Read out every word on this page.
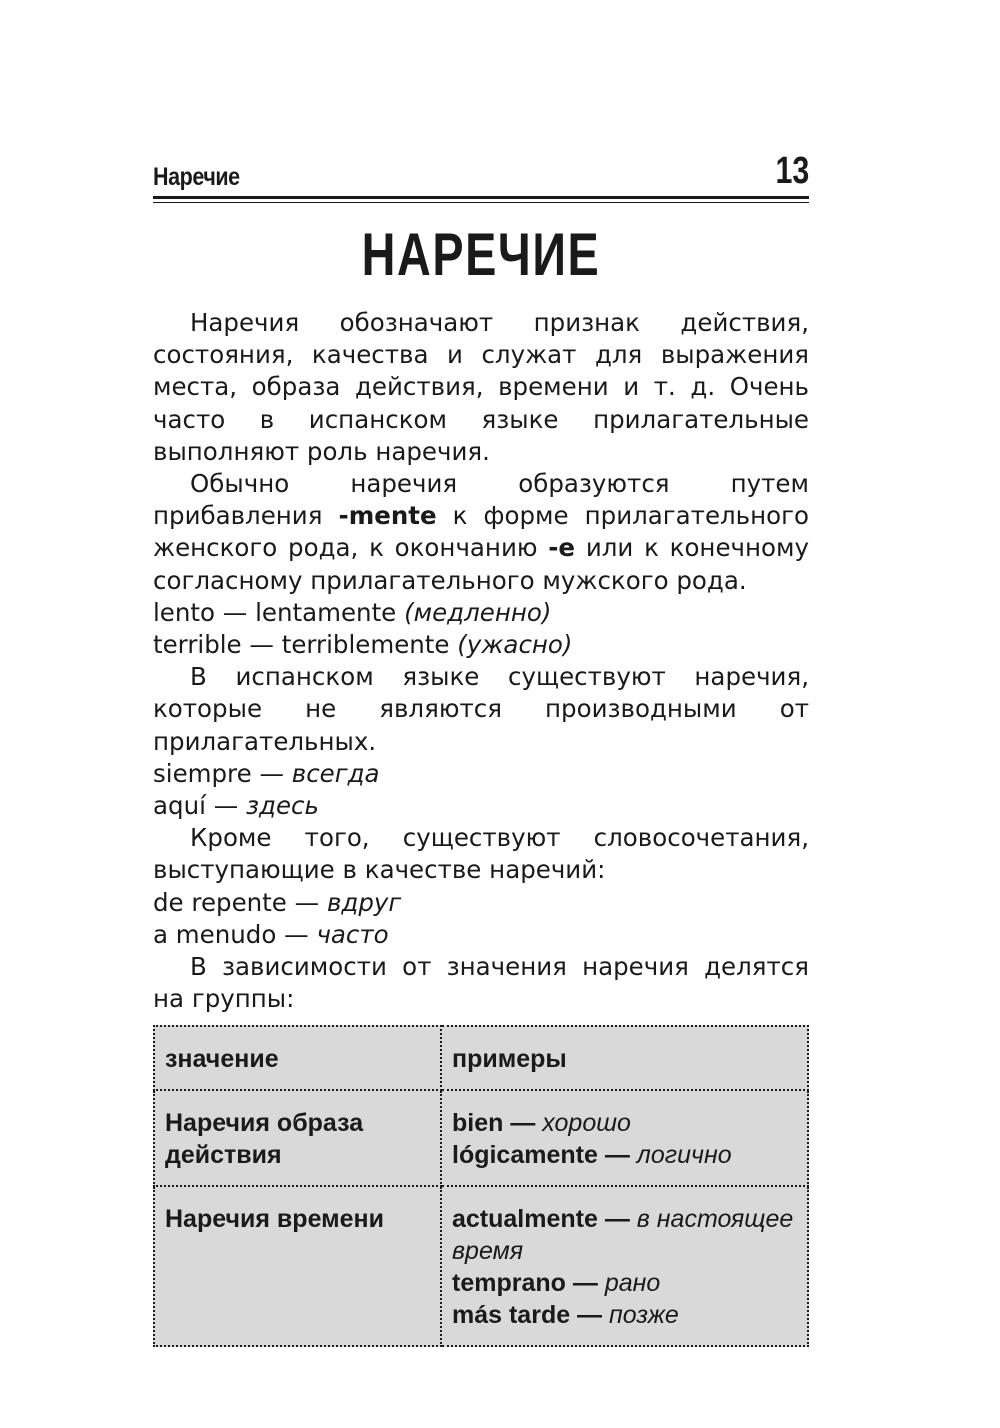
Наречие	13
НАРЕЧИЕ

Наречия обозначают признак действия, состояния, качества и служат для выражения места, образа действия, времени и т. д. Очень часто в испанском языке прилагательные выполняют роль наречия.

Обычно наречия образуются путем прибавления -mente к форме прилагательного женского рода, к окончанию -e или к конечному согласному прилагательного мужского рода.

lento — lentamente (медленно)

terrible — terriblemente (ужасно)

В испанском языке существуют наречия, которые не являются производными от прилагательных.

siempre — всегда

aquí — здесь

Кроме того, существуют словосочетания, выступающие в качестве наречий:

de repente — вдруг

a menudo — часто

В зависимости от значения наречия делятся на группы:

значение	примеры
Наречия образа действия	bien — хорошо
lógicamente — логично

Наречия времени	actualmente — в настоящее время
temprano — рано
más tarde — позже
